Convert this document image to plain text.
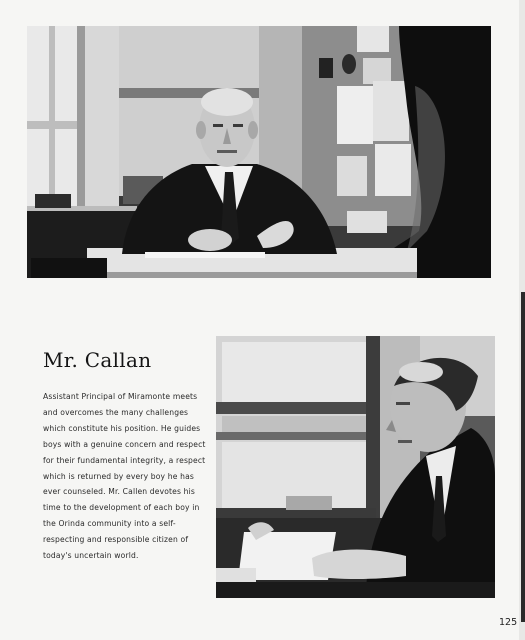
Mr. Callan
Assistant Principal of Miramonte meets
and overcomes the many challenges
which constitute his position. He guides
boys with a genuine concern and respect
for their fundamental integrity, a respect
which is returned by every boy he has
ever counseled. Mr. Callen devotes his
time to the development of each boy in
the Orinda community into a self-
respecting and responsible citizen of
today's uncertain world.
125
